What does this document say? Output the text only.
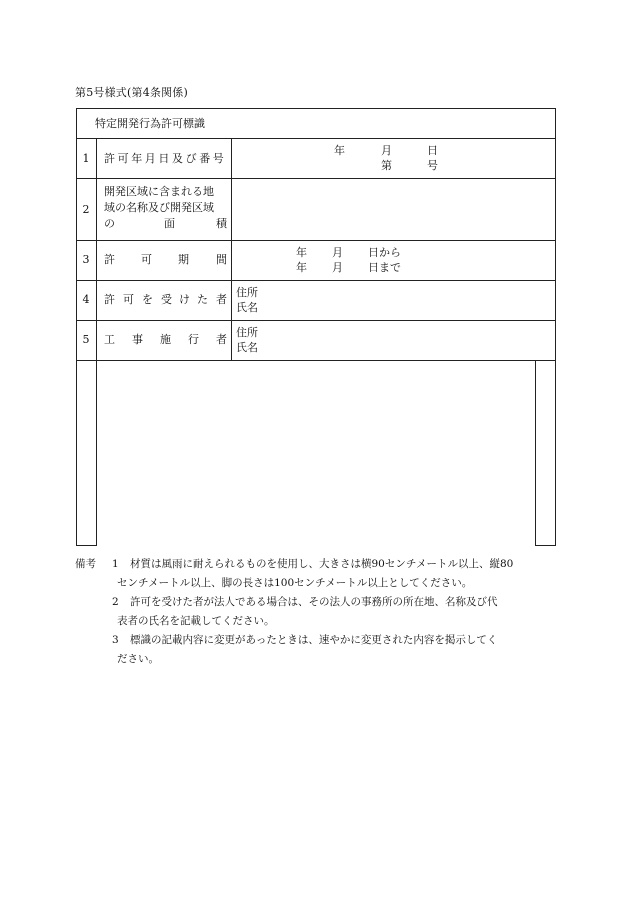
第5号様式(第4条関係)
特定開発行為許可標識
1	許可年月日及び番号
年	月	日
第	号
2
開発区域に含まれる地
域の名称及び開発区域
の	面	積
3	許 可 期 間
年 月 日から
年 月 日まで
4	許 可 を 受 け た 者
住所
氏名
5	工 事 施 行 者
住所
氏名
備考 1 材質は風雨に耐えられるものを使用し、大きさは横90センチメートル以上、縦80
センチメートル以上、脚の長さは100センチメートル以上としてください。
2 許可を受けた者が法人である場合は、その法人の事務所の所在地、名称及び代
表者の氏名を記載してください。
3 標識の記載内容に変更があったときは、速やかに変更された内容を掲示してく
ださい。
